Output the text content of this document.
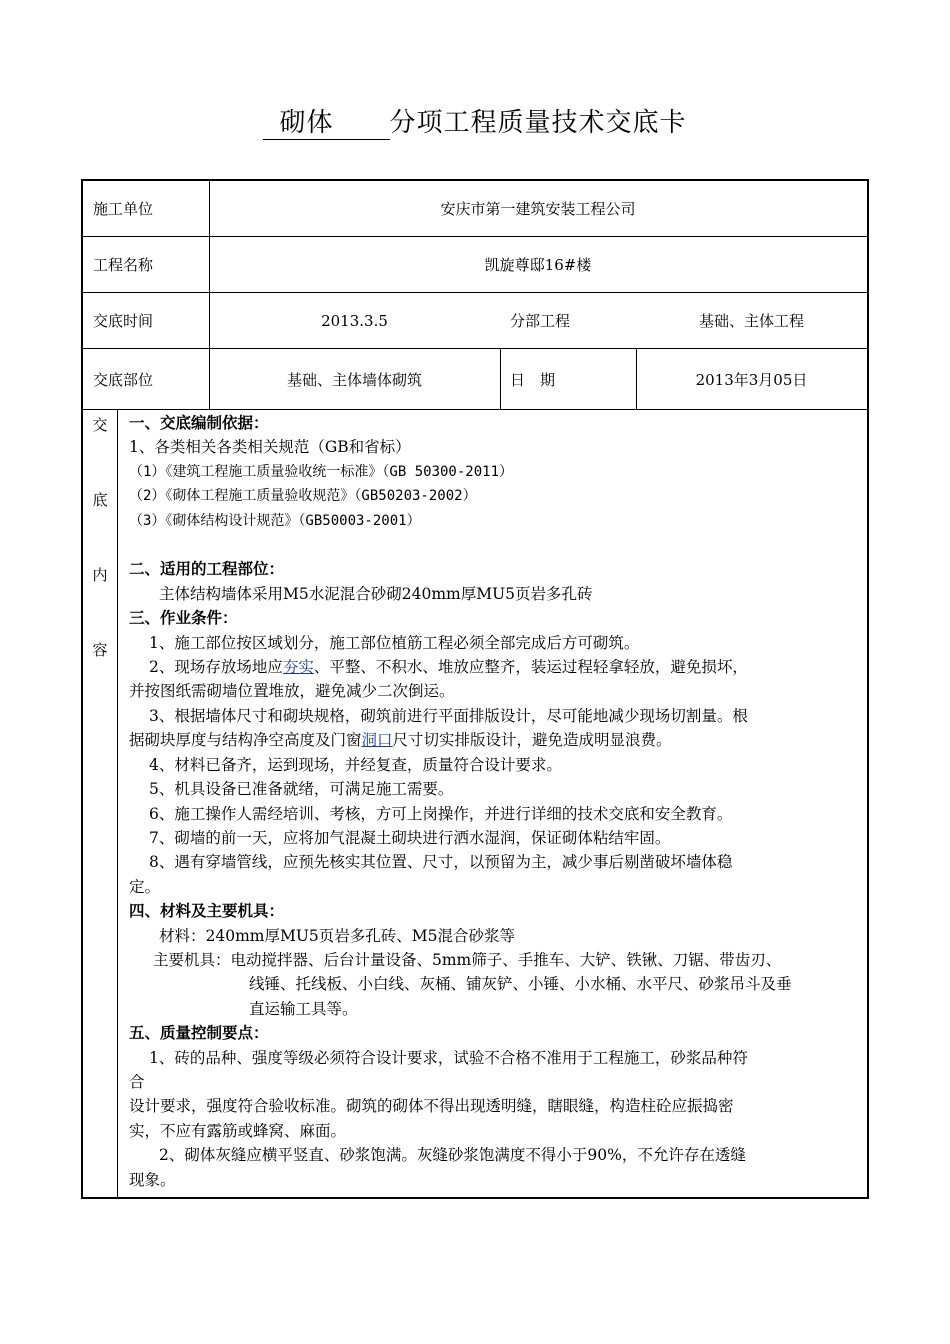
砌体 分项工程质量技术交底卡
施工单位	安庆市第一建筑安装工程公司
工程名称	凯旋尊邸16#楼
交底时间	2013.3.5	分部工程	基础、主体工程
交底部位	基础、主体墙体砌筑	日　期	2013年3月05日
交
底
内
容

一、交底编制依据：

1、各类相关各类相关规范（GB和省标）

（1）《建筑工程施工质量验收统一标准》（GB 50300-2011）

（2）《砌体工程施工质量验收规范》（GB50203-2002）

（3）《砌体结构设计规范》（GB50003-2001）

二、适用的工程部位：

主体结构墙体采用M5水泥混合砂砌240mm厚MU5页岩多孔砖

三、作业条件：

1、施工部位按区域划分，施工部位植筋工程必须全部完成后方可砌筑。

2、现场存放场地应夯实、平整、不积水、堆放应整齐，装运过程轻拿轻放，避免损坏，

并按图纸需砌墙位置堆放，避免减少二次倒运。

3、根据墙体尺寸和砌块规格，砌筑前进行平面排版设计，尽可能地减少现场切割量。根

据砌块厚度与结构净空高度及门窗洞口尺寸切实排版设计，避免造成明显浪费。

4、材料已备齐，运到现场，并经复查，质量符合设计要求。

5、机具设备已准备就绪，可满足施工需要。

6、施工操作人需经培训、考核，方可上岗操作，并进行详细的技术交底和安全教育。

7、砌墙的前一天，应将加气混凝土砌块进行洒水湿润，保证砌体粘结牢固。

8、遇有穿墙管线，应预先核实其位置、尺寸，以预留为主，减少事后剔凿破坏墙体稳

定。

四、材料及主要机具：

材料：240mm厚MU5页岩多孔砖、M5混合砂浆等

主要机具：电动搅拌器、后台计量设备、5mm筛子、手推车、大铲、铁锹、刀锯、带齿刃、

线锤、托线板、小白线、灰桶、铺灰铲、小锤、小水桶、水平尺、砂浆吊斗及垂

直运输工具等。

五、质量控制要点：

1、砖的品种、强度等级必须符合设计要求，试验不合格不准用于工程施工，砂浆品种符

合

设计要求，强度符合验收标准。砌筑的砌体不得出现透明缝，瞎眼缝，构造柱砼应振捣密

实，不应有露筋或蜂窝、麻面。

2、砌体灰缝应横平竖直、砂浆饱满。灰缝砂浆饱满度不得小于90%，不允许存在透缝

现象。
